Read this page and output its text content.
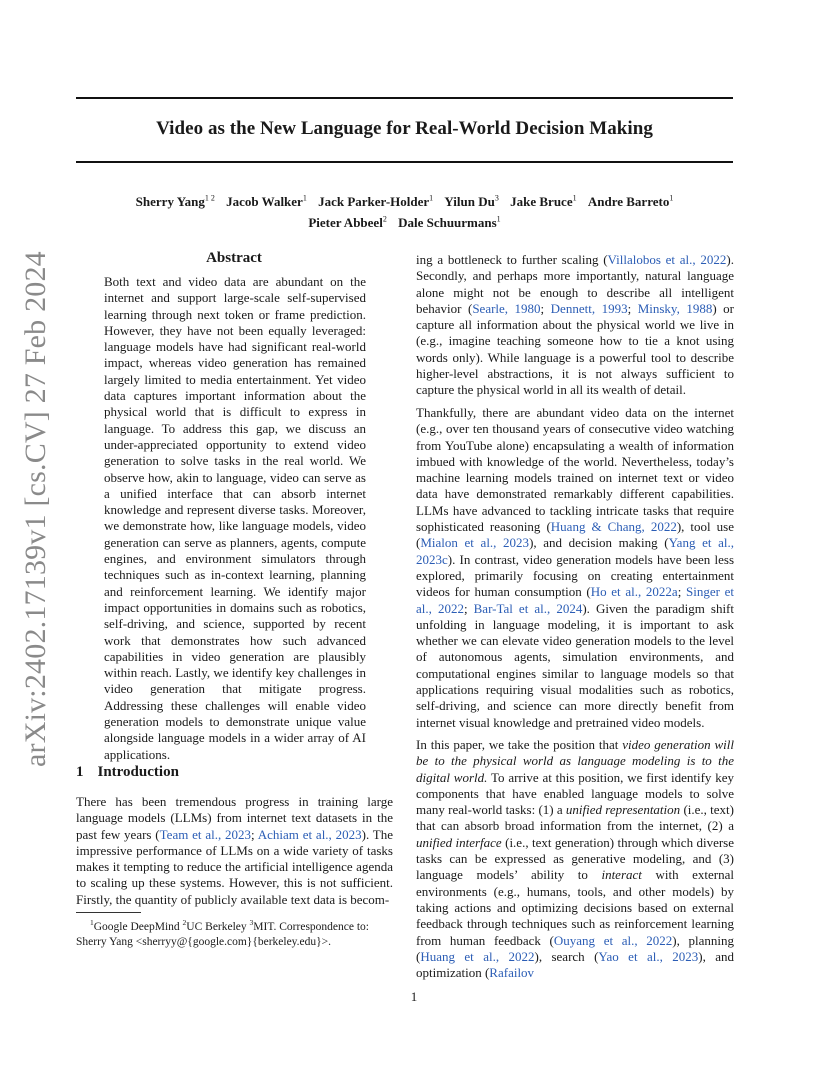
arXiv:2402.17139v1 [cs.CV] 27 Feb 2024
Video as the New Language for Real-World Decision Making
Sherry Yang$^{1 2}$ Jacob Walker$^1$ Jack Parker-Holder$^1$ Yilun Du$^3$ Jake Bruce$^1$ Andre Barreto$^1$
Pieter Abbeel$^2$ Dale Schuurmans$^1$
Abstract

Both text and video data are abundant on the internet and support large-scale self-supervised learning through next token or frame prediction. However, they have not been equally leveraged: language models have had significant real-world impact, whereas video generation has remained largely limited to media entertainment. Yet video data captures important information about the physical world that is difficult to express in language. To address this gap, we discuss an under-appreciated opportunity to extend video generation to solve tasks in the real world. We observe how, akin to language, video can serve as a unified interface that can absorb internet knowledge and represent diverse tasks. Moreover, we demonstrate how, like language models, video generation can serve as planners, agents, compute engines, and environment simulators through techniques such as in-context learning, planning and reinforcement learning. We identify major impact opportunities in domains such as robotics, self-driving, and science, supported by recent work that demonstrates how such advanced capabilities in video generation are plausibly within reach. Lastly, we identify key challenges in video generation that mitigate progress. Addressing these challenges will enable video generation models to demonstrate unique value alongside language models in a wider array of AI applications.

1 Introduction

There has been tremendous progress in training large language models (LLMs) from internet text datasets in the past few years (Team et al., 2023; Achiam et al., 2023). The impressive performance of LLMs on a wide variety of tasks makes it tempting to reduce the artificial intelligence agenda to scaling up these systems. However, this is not sufficient. Firstly, the quantity of publicly available text data is becom-

$^1$Google DeepMind $^2$UC Berkeley $^3$MIT. Correspondence to:
Sherry Yang <sherryy@{google.com}{berkeley.edu}>.

ing a bottleneck to further scaling (Villalobos et al., 2022). Secondly, and perhaps more importantly, natural language alone might not be enough to describe all intelligent behavior (Searle, 1980; Dennett, 1993; Minsky, 1988) or capture all information about the physical world we live in (e.g., imagine teaching someone how to tie a knot using words only). While language is a powerful tool to describe higher-level abstractions, it is not always sufficient to capture the physical world in all its wealth of detail.

Thankfully, there are abundant video data on the internet (e.g., over ten thousand years of consecutive video watching from YouTube alone) encapsulating a wealth of information imbued with knowledge of the world. Nevertheless, today’s machine learning models trained on internet text or video data have demonstrated remarkably different capabilities. LLMs have advanced to tackling intricate tasks that require sophisticated reasoning (Huang & Chang, 2022), tool use (Mialon et al., 2023), and decision making (Yang et al., 2023c). In contrast, video generation models have been less explored, primarily focusing on creating entertainment videos for human consumption (Ho et al., 2022a; Singer et al., 2022; Bar-Tal et al., 2024). Given the paradigm shift unfolding in language modeling, it is important to ask whether we can elevate video generation models to the level of autonomous agents, simulation environments, and computational engines similar to language models so that applications requiring visual modalities such as robotics, self-driving, and science can more directly benefit from internet visual knowledge and pretrained video models.

In this paper, we take the position that video generation will be to the physical world as language modeling is to the digital world. To arrive at this position, we first identify key components that have enabled language models to solve many real-world tasks: (1) a unified representation (i.e., text) that can absorb broad information from the internet, (2) a unified interface (i.e., text generation) through which diverse tasks can be expressed as generative modeling, and (3) language models’ ability to interact with external environments (e.g., humans, tools, and other models) by taking actions and optimizing decisions based on external feedback through techniques such as reinforcement learning from human feedback (Ouyang et al., 2022), planning (Huang et al., 2022), search (Yao et al., 2023), and optimization (Rafailov

1
